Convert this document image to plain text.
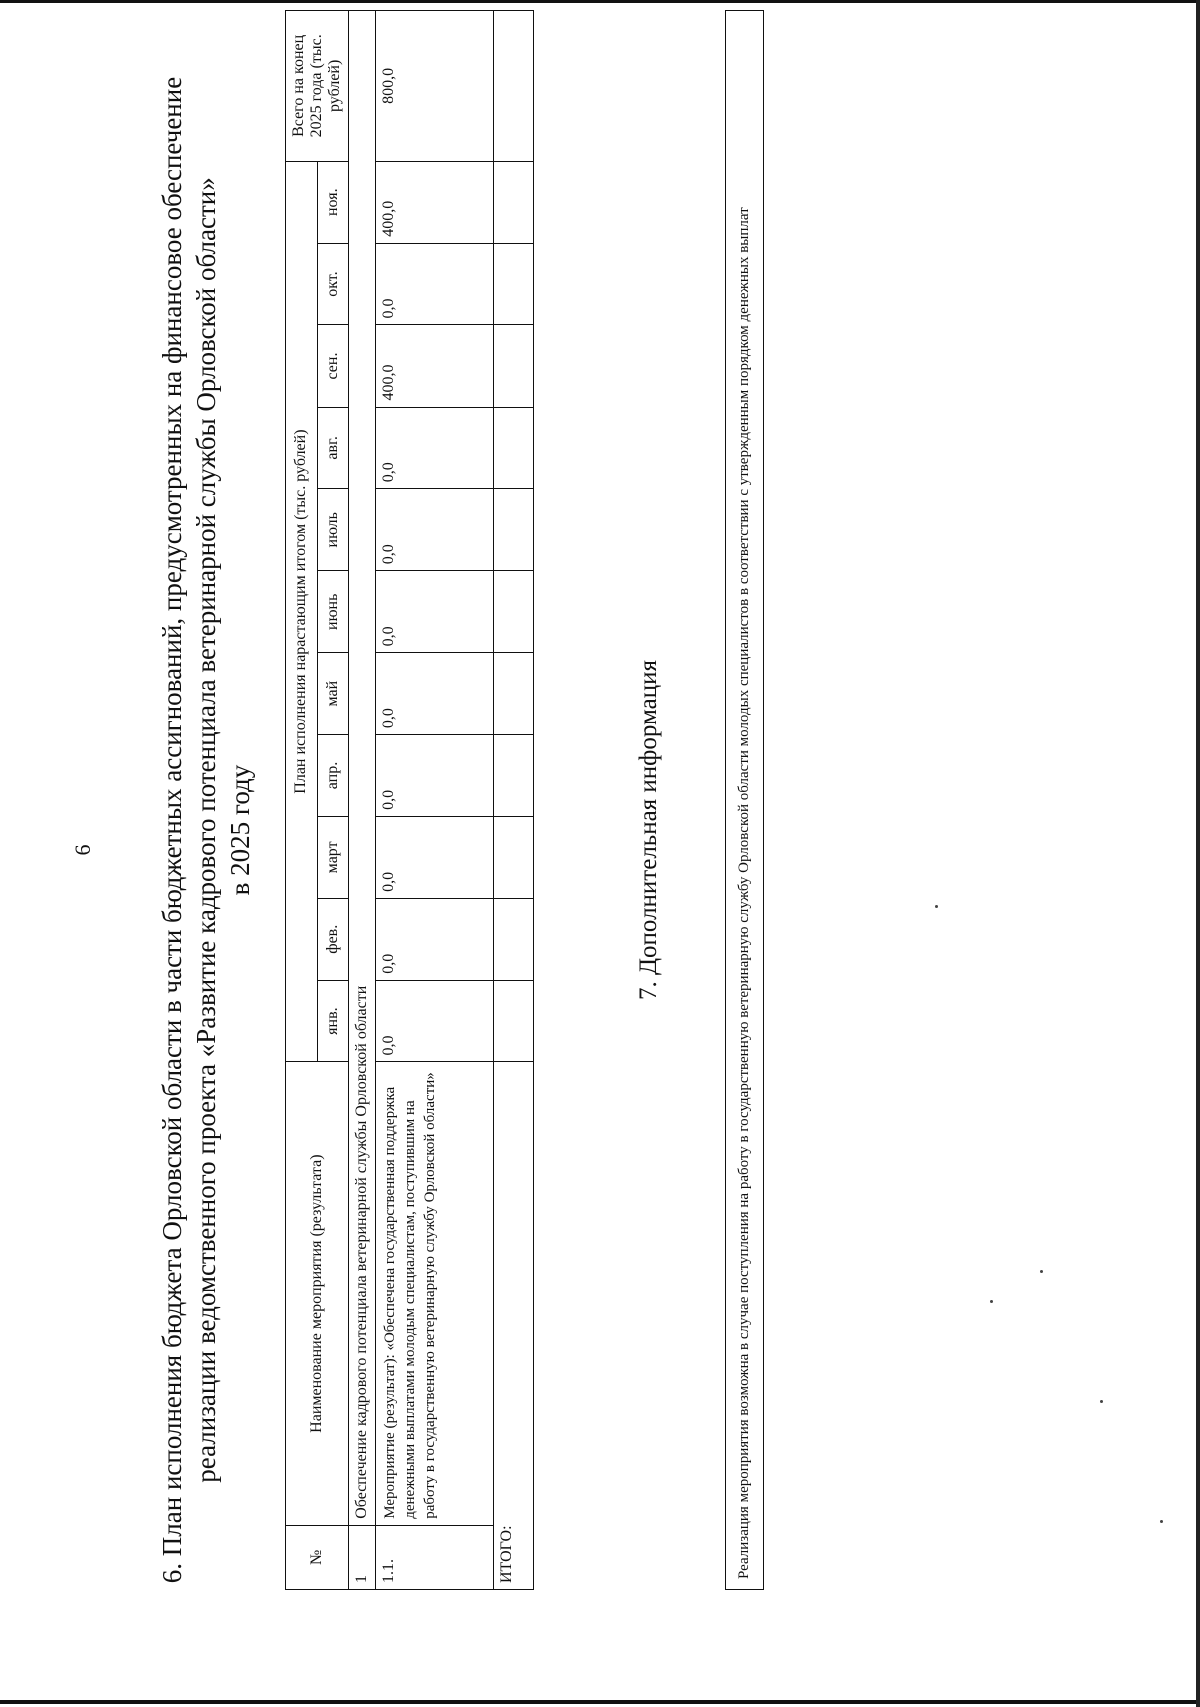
6 6. План исполнения бюджета Орловской области в части бюджетных ассигнований, предусмотренных на финансовое обеспечение реализации ведомственного проекта «Развитие кадрового потенциала ветеринарной службы Орловской области» в 2025 году
№	Наименование мероприятия (результата)	План исполнения нарастающим итогом (тыс. рублей)											Всего на конец 2025 года (тыс. рублей)
		янв.	фев.	март	апр.	май	июнь	июль	авг.	сен.	окт.	ноя.	
1	Обеспечение кадрового потенциала ветеринарной службы Орловской области												
1.1.	Мероприятие (результат): «Обеспечена государственная поддержка денежными выплатами молодым специалистам, поступившим на работу в государственную ветеринарную службу Орловской области»	0,0	0,0	0,0	0,0	0,0	0,0	0,0	0,0	400,0	0,0	400,0	800,0
ИТОГО:													
7. Дополнительная информация	Реализация мероприятия возможна в случае поступления на работу в государственную ветеринарную службу Орловской области молодых специалистов в соответствии с утвержденным порядком денежных выплат
